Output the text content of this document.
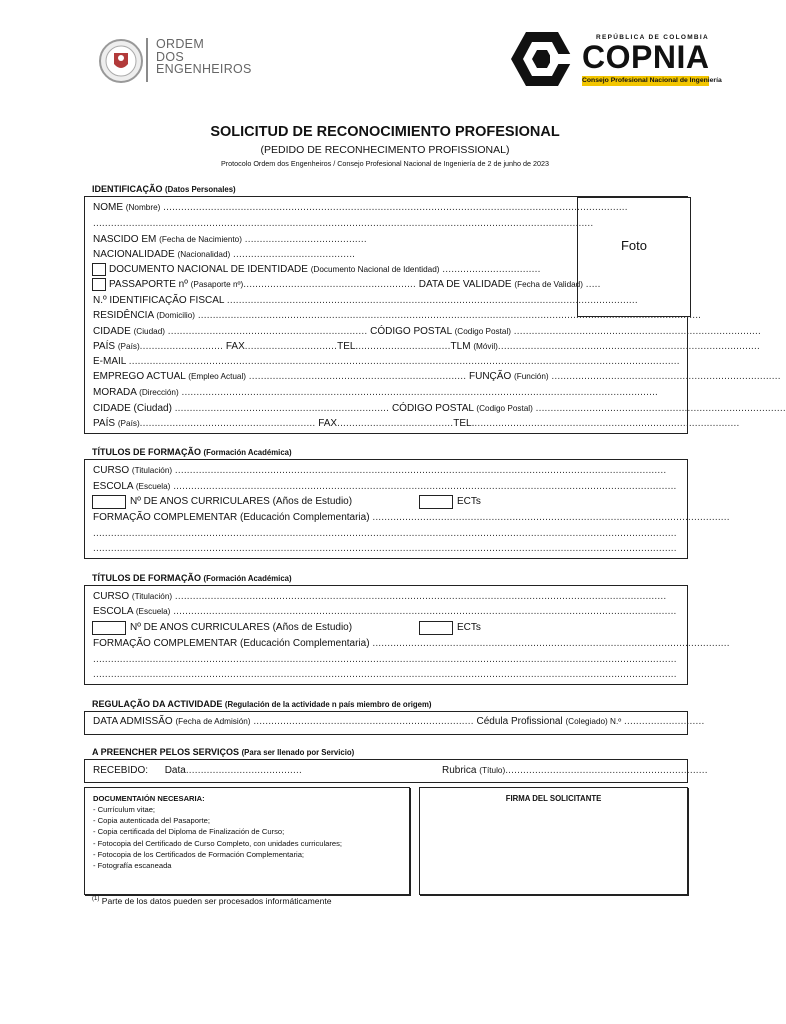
ORDEM
DOS
ENGENHEIROS
REPÚBLICA DE COLOMBIA
COPNIA
Consejo Profesional Nacional de Ingeniería
SOLICITUD DE RECONOCIMIENTO PROFESIONAL
(PEDIDO DE RECONHECIMENTO PROFISSIONAL)
Protocolo Ordem dos Engenheiros / Consejo Profesional Nacional de Ingeniería de 2 de junho de 2023
IDENTIFICAÇÃO (Datos Personales)
Foto
NOME (Nombre) ............................................................................................................................................................
........................................................................................................................................................................
NASCIDO EM (Fecha de Nacimiento) .........................................
NACIONALIDADE (Nacionalidad) .........................................
DOCUMENTO NACIONAL DE IDENTIDADE (Documento Nacional de Identidad) .................................
PASSAPORTE nº (Pasaporte nº).......................................................... DATA DE VALIDADE (Fecha de Validad) .....
N.º IDENTIFICAÇÃO FISCAL ..........................................................................................................................................
RESIDÊNCIA (Domicilio) .........................................................................................................................................................................
CIDADE (Ciudad) ................................................................... CÓDIGO POSTAL (Codigo Postal) ...................................................................................
PAÍS (País)............................ FAX...............................TEL................................TLM (Móvil)........................................................................................
E-MAIL .........................................................................................................................................................................................
EMPREGO ACTUAL (Empleo Actual) ......................................................................... FUNÇÃO (Función) .............................................................................
MORADA (Dirección) ................................................................................................................................................................
CIDADE (Ciudad) ........................................................................ CÓDIGO POSTAL (Codigo Postal) ....................................................................................
PAÍS (País)........................................................... FAX.......................................TEL..........................................................................................
TÍTULOS DE FORMAÇÃO (Formación Académica)
CURSO (Titulación) .....................................................................................................................................................................
ESCOLA (Escuela) .........................................................................................................................................................................
Nº DE ANOS CURRICULARES (Años de Estudio)	ECTs
FORMAÇÃO COMPLEMENTAR (Educación Complementaria) ........................................................................................................................
....................................................................................................................................................................................................
....................................................................................................................................................................................................
TÍTULOS DE FORMAÇÃO (Formación Académica)
CURSO (Titulación) .....................................................................................................................................................................
ESCOLA (Escuela) .........................................................................................................................................................................
Nº DE ANOS CURRICULARES (Años de Estudio)	ECTs
FORMAÇÃO COMPLEMENTAR (Educación Complementaria) ........................................................................................................................
....................................................................................................................................................................................................
....................................................................................................................................................................................................
REGULAÇÃO DA ACTIVIDADE (Regulación de la actividade n país miembro de origem)
DATA ADMISSÃO (Fecha de Admisión) .......................................................................... Cédula Profissional (Colegiado) N.º ...........................
A PREENCHER PELOS SERVIÇOS (Para ser llenado por Servicio)
RECEBIDO: Data.......................................	Rubrica (Título)....................................................................
DOCUMENTAIÓN NECESARIA:
- Currículum vitae;
- Copia autenticada del Pasaporte;
- Copia certificada del Diploma de Finalización de Curso;
- Fotocopia del Certificado de Curso Completo, con unidades curriculares;
- Fotocopia de los Certificados de Formación Complementaria;
- Fotografía escaneada
FIRMA DEL SOLICITANTE
$^{(1)}$ Parte de los datos pueden ser procesados informáticamente
